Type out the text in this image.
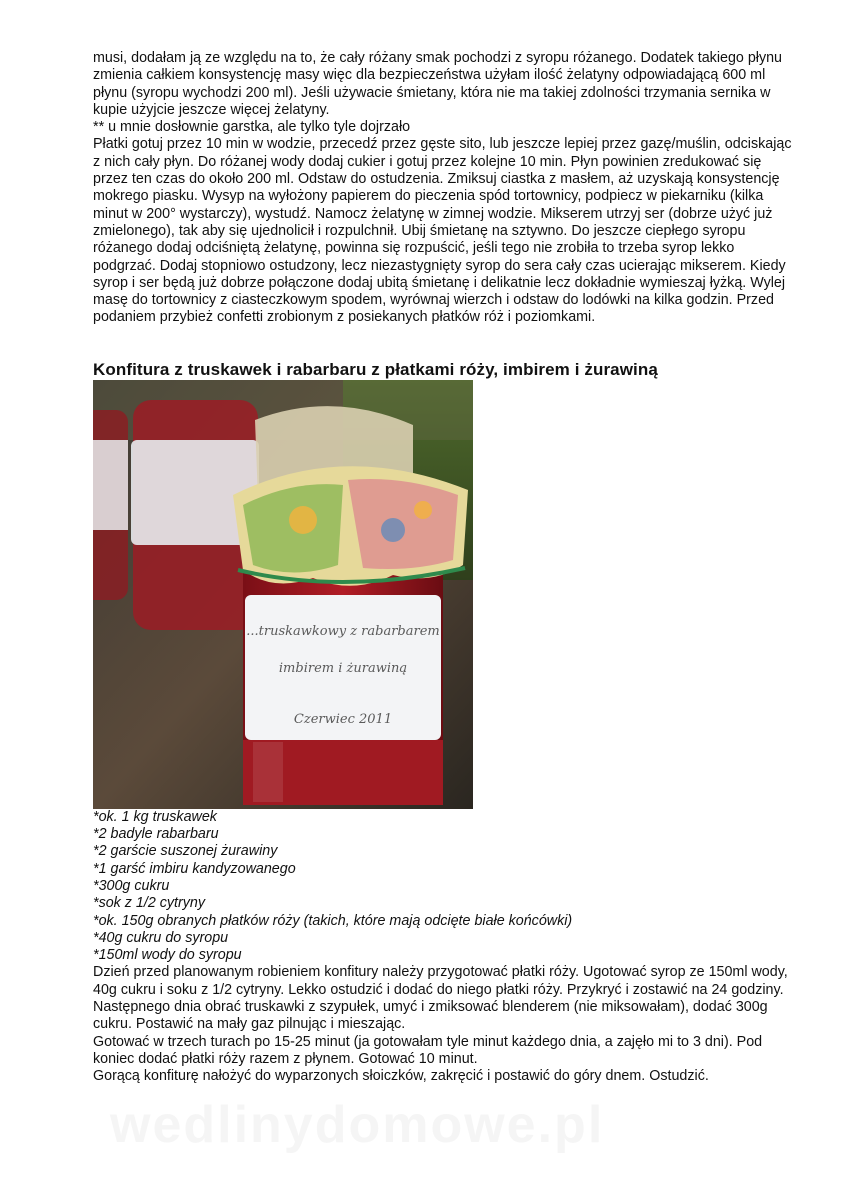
musi, dodałam ją ze względu na to, że cały różany smak pochodzi z syropu różanego. Dodatek takiego płynu zmienia całkiem konsystencję masy więc dla bezpieczeństwa użyłam ilość żelatyny odpowiadającą 600 ml płynu (syropu wychodzi 200 ml). Jeśli używacie śmietany, która nie ma takiej zdolności trzymania sernika w kupie użyjcie jeszcze więcej żelatyny.

** u mnie dosłownie garstka, ale tylko tyle dojrzało

Płatki gotuj przez 10 min w wodzie, przecedź przez gęste sito, lub jeszcze lepiej przez gazę/muślin, odciskając z nich cały płyn. Do różanej wody dodaj cukier i gotuj przez kolejne 10 min. Płyn powinien zredukować się przez ten czas do około 200 ml. Odstaw do ostudzenia. Zmiksuj ciastka z masłem, aż uzyskają konsystencję mokrego piasku. Wysyp na wyłożony papierem do pieczenia spód tortownicy, podpiecz w piekarniku (kilka minut w 200° wystarczy), wystudź. Namocz żelatynę w zimnej wodzie. Mikserem utrzyj ser (dobrze użyć już zmielonego), tak aby się ujednolicił i rozpulchnił. Ubij śmietanę na sztywno. Do jeszcze ciepłego syropu różanego dodaj odciśniętą żelatynę, powinna się rozpuścić, jeśli tego nie zrobiła to trzeba syrop lekko podgrzać. Dodaj stopniowo ostudzony, lecz niezastygnięty syrop do sera cały czas ucierając mikserem. Kiedy syrop i ser będą już dobrze połączone dodaj ubitą śmietanę i delikatnie lecz dokładnie wymieszaj łyżką. Wylej masę do tortownicy z ciasteczkowym spodem, wyrównaj wierzch i odstaw do lodówki na kilka godzin. Przed podaniem przybież confetti zrobionym z posiekanych płatków róż i poziomkami.

Konfitura z truskawek i rabarbaru z płatkami róży, imbirem i żurawiną
...truskawkowy z rabarbarem
imbirem i żurawiną
Czerwiec 2011
*ok. 1 kg truskawek
*2 badyle rabarbaru
*2 garście suszonej żurawiny
*1 garść imbiru kandyzowanego
*300g cukru
*sok z 1/2 cytryny
*ok. 150g obranych płatków róży (takich, które mają odcięte białe końcówki)
*40g cukru do syropu
*150ml wody do syropu

Dzień przed planowanym robieniem konfitury należy przygotować płatki róży. Ugotować syrop ze 150ml wody, 40g cukru i soku z 1/2 cytryny. Lekko ostudzić i dodać do niego płatki róży. Przykryć i zostawić na 24 godziny.

Następnego dnia obrać truskawki z szypułek, umyć i zmiksować blenderem (nie miksowałam), dodać 300g cukru. Postawić na mały gaz pilnując i mieszając.

Gotować w trzech turach po 15-25 minut (ja gotowałam tyle minut każdego dnia, a zajęło mi to 3 dni). Pod koniec dodać płatki róży razem z płynem. Gotować 10 minut.

Gorącą konfiturę nałożyć do wyparzonych słoiczków, zakręcić i postawić do góry dnem. Ostudzić.

wedlinydomowe.pl
